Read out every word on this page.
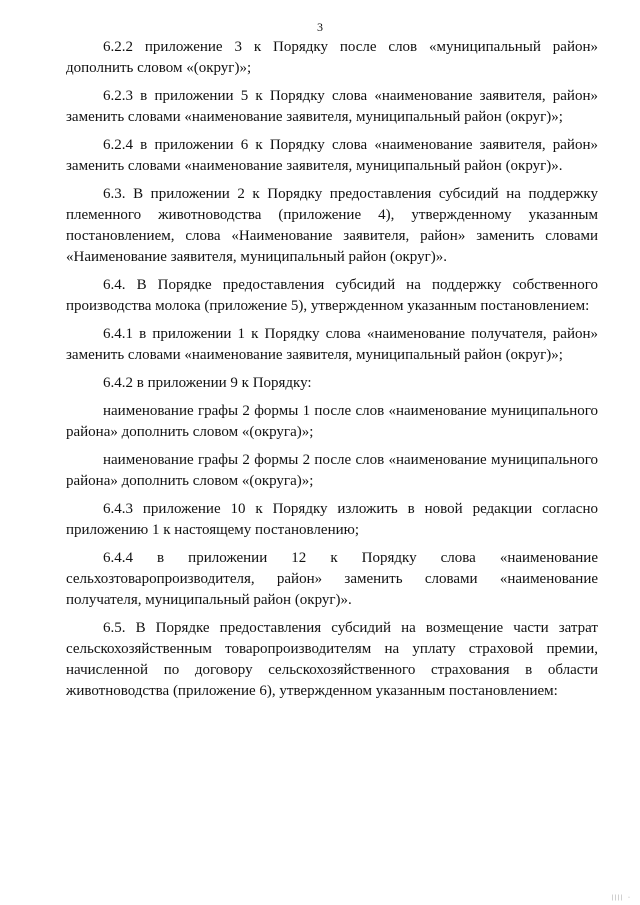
3

6.2.2 приложение 3 к Порядку после слов «муниципальный район» дополнить словом «(округ)»;

6.2.3 в приложении 5 к Порядку слова «наименование заявителя, район» заменить словами «наименование заявителя, муниципальный район (округ)»;

6.2.4 в приложении 6 к Порядку слова «наименование заявителя, район» заменить словами «наименование заявителя, муниципальный район (округ)».

6.3. В приложении 2 к Порядку предоставления субсидий на поддержку племенного животноводства (приложение 4), утвержденному указанным постановлением, слова «Наименование заявителя, район» заменить словами «Наименование заявителя, муниципальный район (округ)».

6.4. В Порядке предоставления субсидий на поддержку собственного производства молока (приложение 5), утвержденном указанным постановлением:

6.4.1 в приложении 1 к Порядку слова «наименование получателя, район» заменить словами «наименование заявителя, муниципальный район (округ)»;

6.4.2 в приложении 9 к Порядку:

наименование графы 2 формы 1 после слов «наименование муниципального района» дополнить словом «(округа)»;

наименование графы 2 формы 2 после слов «наименование муниципального района» дополнить словом «(округа)»;

6.4.3 приложение 10 к Порядку изложить в новой редакции согласно приложению 1 к настоящему постановлению;

6.4.4 в приложении 12 к Порядку слова «наименование сельхозтоваропроизводителя, район» заменить словами «наименование получателя, муниципальный район (округ)».

6.5. В Порядке предоставления субсидий на возмещение части затрат сельскохозяйственным товаропроизводителям на уплату страховой премии, начисленной по договору сельскохозяйственного страхования в области животноводства (приложение 6), утвержденном указанным постановлением:

|||| ·
